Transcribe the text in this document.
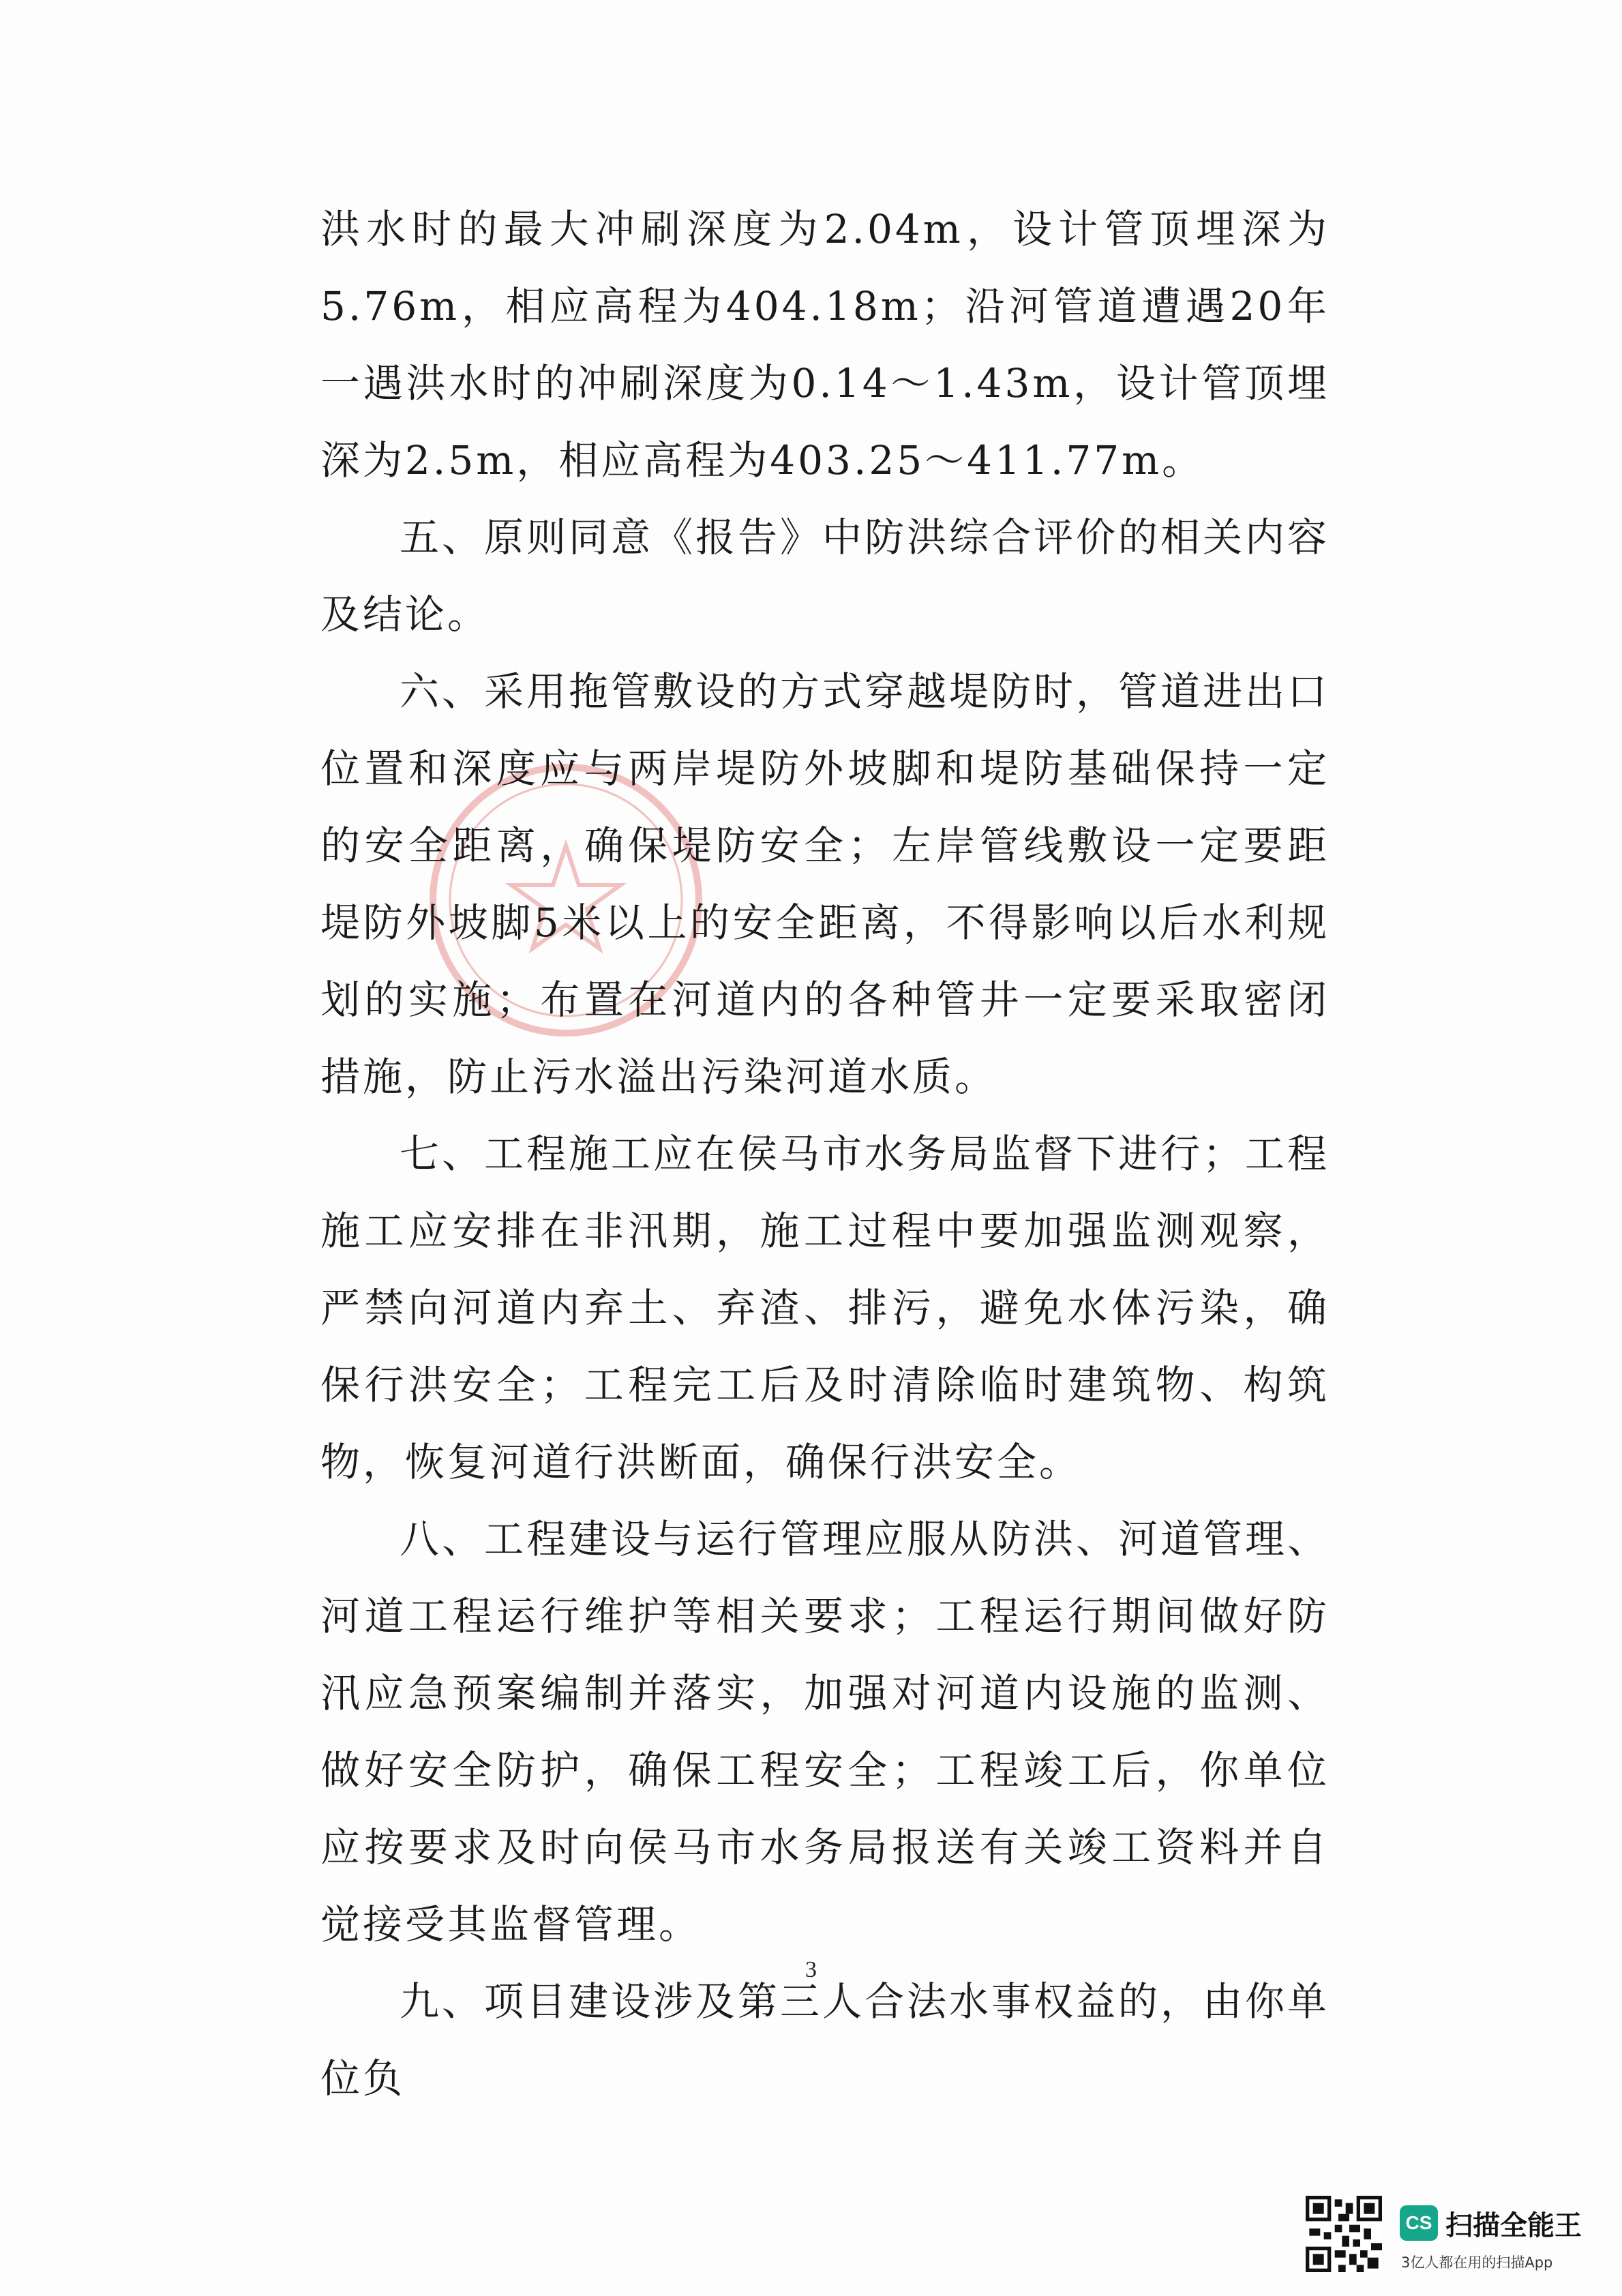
洪水时的最大冲刷深度为2.04m，设计管顶埋深为5.76m，相应高程为404.18m；沿河管道遭遇20年一遇洪水时的冲刷深度为0.14～1.43m，设计管顶埋深为2.5m，相应高程为403.25～411.77m。

五、原则同意《报告》中防洪综合评价的相关内容及结论。

六、采用拖管敷设的方式穿越堤防时，管道进出口位置和深度应与两岸堤防外坡脚和堤防基础保持一定的安全距离，确保堤防安全；左岸管线敷设一定要距堤防外坡脚5米以上的安全距离，不得影响以后水利规划的实施；布置在河道内的各种管井一定要采取密闭措施，防止污水溢出污染河道水质。

七、工程施工应在侯马市水务局监督下进行；工程施工应安排在非汛期，施工过程中要加强监测观察，严禁向河道内弃土、弃渣、排污，避免水体污染，确保行洪安全；工程完工后及时清除临时建筑物、构筑物，恢复河道行洪断面，确保行洪安全。

八、工程建设与运行管理应服从防洪、河道管理、河道工程运行维护等相关要求；工程运行期间做好防汛应急预案编制并落实，加强对河道内设施的监测、做好安全防护，确保工程安全；工程竣工后，你单位应按要求及时向侯马市水务局报送有关竣工资料并自觉接受其监督管理。

九、项目建设涉及第三人合法水事权益的，由你单位负

3
CS 扫描全能王
3亿人都在用的扫描App
